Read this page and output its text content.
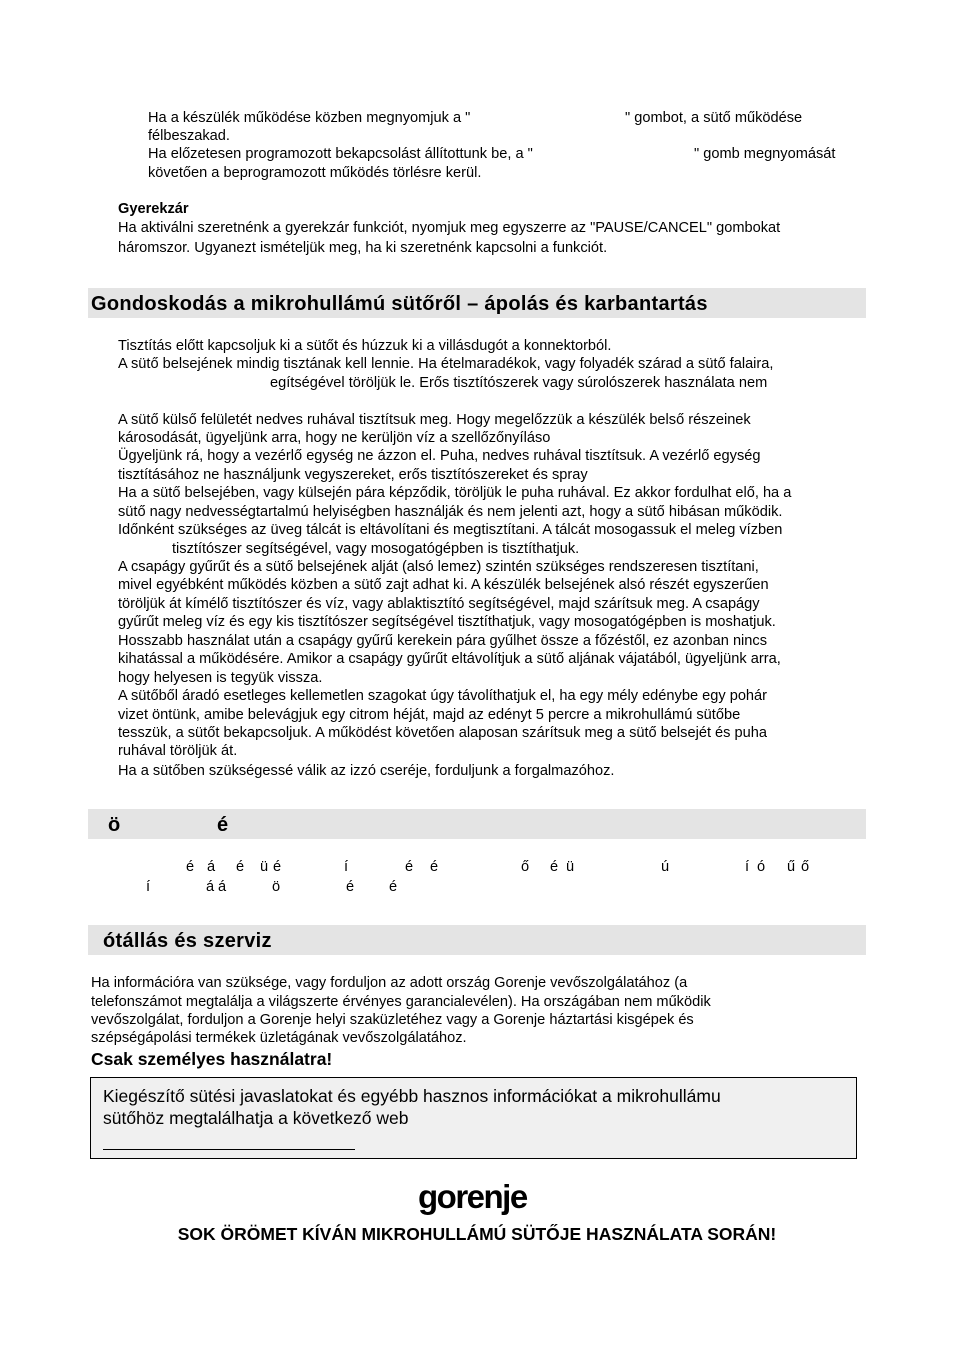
Ha a készülék működése közben megnyomjuk a "	" gombot, a sütő működése
félbeszakad.
Ha előzetesen programozott bekapcsolást állítottunk be, a "	" gomb megnyomását
követően a beprogramozott működés törlésre kerül.
Gyerekzár
Ha aktiválni szeretnénk a gyerekzár funkciót, nyomjuk meg egyszerre az "PAUSE/CANCEL" gombokat
háromszor. Ugyanezt ismételjük meg, ha ki szeretnénk kapcsolni a funkciót.
Gondoskodás a mikrohullámú sütőről – ápolás és karbantartás
Tisztítás előtt kapcsoljuk ki a sütőt és húzzuk ki a villásdugót a konnektorból.
A sütő belsejének mindig tisztának kell lennie. Ha ételmaradékok, vagy folyadék szárad a sütő falaira,
egítségével töröljük le. Erős tisztítószerek vagy súrolószerek használata nem
A sütő külső felületét nedves ruhával tisztítsuk meg. Hogy megelőzzük a készülék belső részeinek
károsodását, ügyeljünk arra, hogy ne kerüljön víz a szellőzőnyíláso
Ügyeljünk rá, hogy a vezérlő egység ne ázzon el. Puha, nedves ruhával tisztítsuk. A vezérlő egység
tisztításához ne használjunk vegyszereket, erős tisztítószereket és spray
Ha a sütő belsejében, vagy külsején pára képződik, töröljük le puha ruhával. Ez akkor fordulhat elő, ha a
sütő nagy nedvességtartalmú helyiségben használják és nem jelenti azt, hogy a sütő hibásan működik.
Időnként szükséges az üveg tálcát is eltávolítani és megtisztítani. A tálcát mosogassuk el meleg vízben
tisztítószer segítségével, vagy mosogatógépben is tisztíthatjuk.
A csapágy gyűrűt és a sütő belsejének alját (alsó lemez) szintén szükséges rendszeresen tisztítani,
mivel egyébként működés közben a sütő zajt adhat ki. A készülék belsejének alsó részét egyszerűen
töröljük át kímélő tisztítószer és víz, vagy ablaktisztító segítségével, majd szárítsuk meg. A csapágy
gyűrűt meleg víz és egy kis tisztítószer segítségével tisztíthatjuk, vagy mosogatógépben is moshatjuk.
Hosszabb használat után a csapágy gyűrű kerekein pára gyűlhet össze a főzéstől, ez azonban nincs
kihatással a működésére. Amikor a csapágy gyűrűt eltávolítjuk a sütő aljának vájatából, ügyeljünk arra,
hogy helyesen is tegyük vissza.
A sütőből áradó esetleges kellemetlen szagokat úgy távolíthatjuk el, ha egy mély edénybe egy pohár
vizet öntünk, amibe belevágjuk egy citrom héját, majd az edényt 5 percre a mikrohullámú sütőbe
tesszük, a sütőt bekapcsoljuk. A működést követően alaposan szárítsuk meg a sütő belsejét és puha
ruhával töröljük át.
Ha a sütőben szükségessé válik az izzó cseréje, forduljunk a forgalmazóhoz.
ö	é
é á é ü é	í	é é	ő é ü	ú	í ó ű ő
í	á á	ö	é é
ótállás és szerviz
Ha információra van szüksége, vagy forduljon az adott ország Gorenje vevőszolgálatához (a
telefonszámot megtalálja a világszerte érvényes garancialevélen). Ha országában nem működik
vevőszolgálat, forduljon a Gorenje helyi szaküzletéhez vagy a Gorenje háztartási kisgépek és
szépségápolási termékek üzletágának vevőszolgálatához.
Csak személyes használatra!
Kiegészítő sütési javaslatokat és egyébb hasznos információkat a mikrohullámu
sütőhöz megtalálhatja a következő web
gorenje
SOK ÖRÖMET KÍVÁN MIKROHULLÁMÚ SÜTŐJE HASZNÁLATA SORÁN!
